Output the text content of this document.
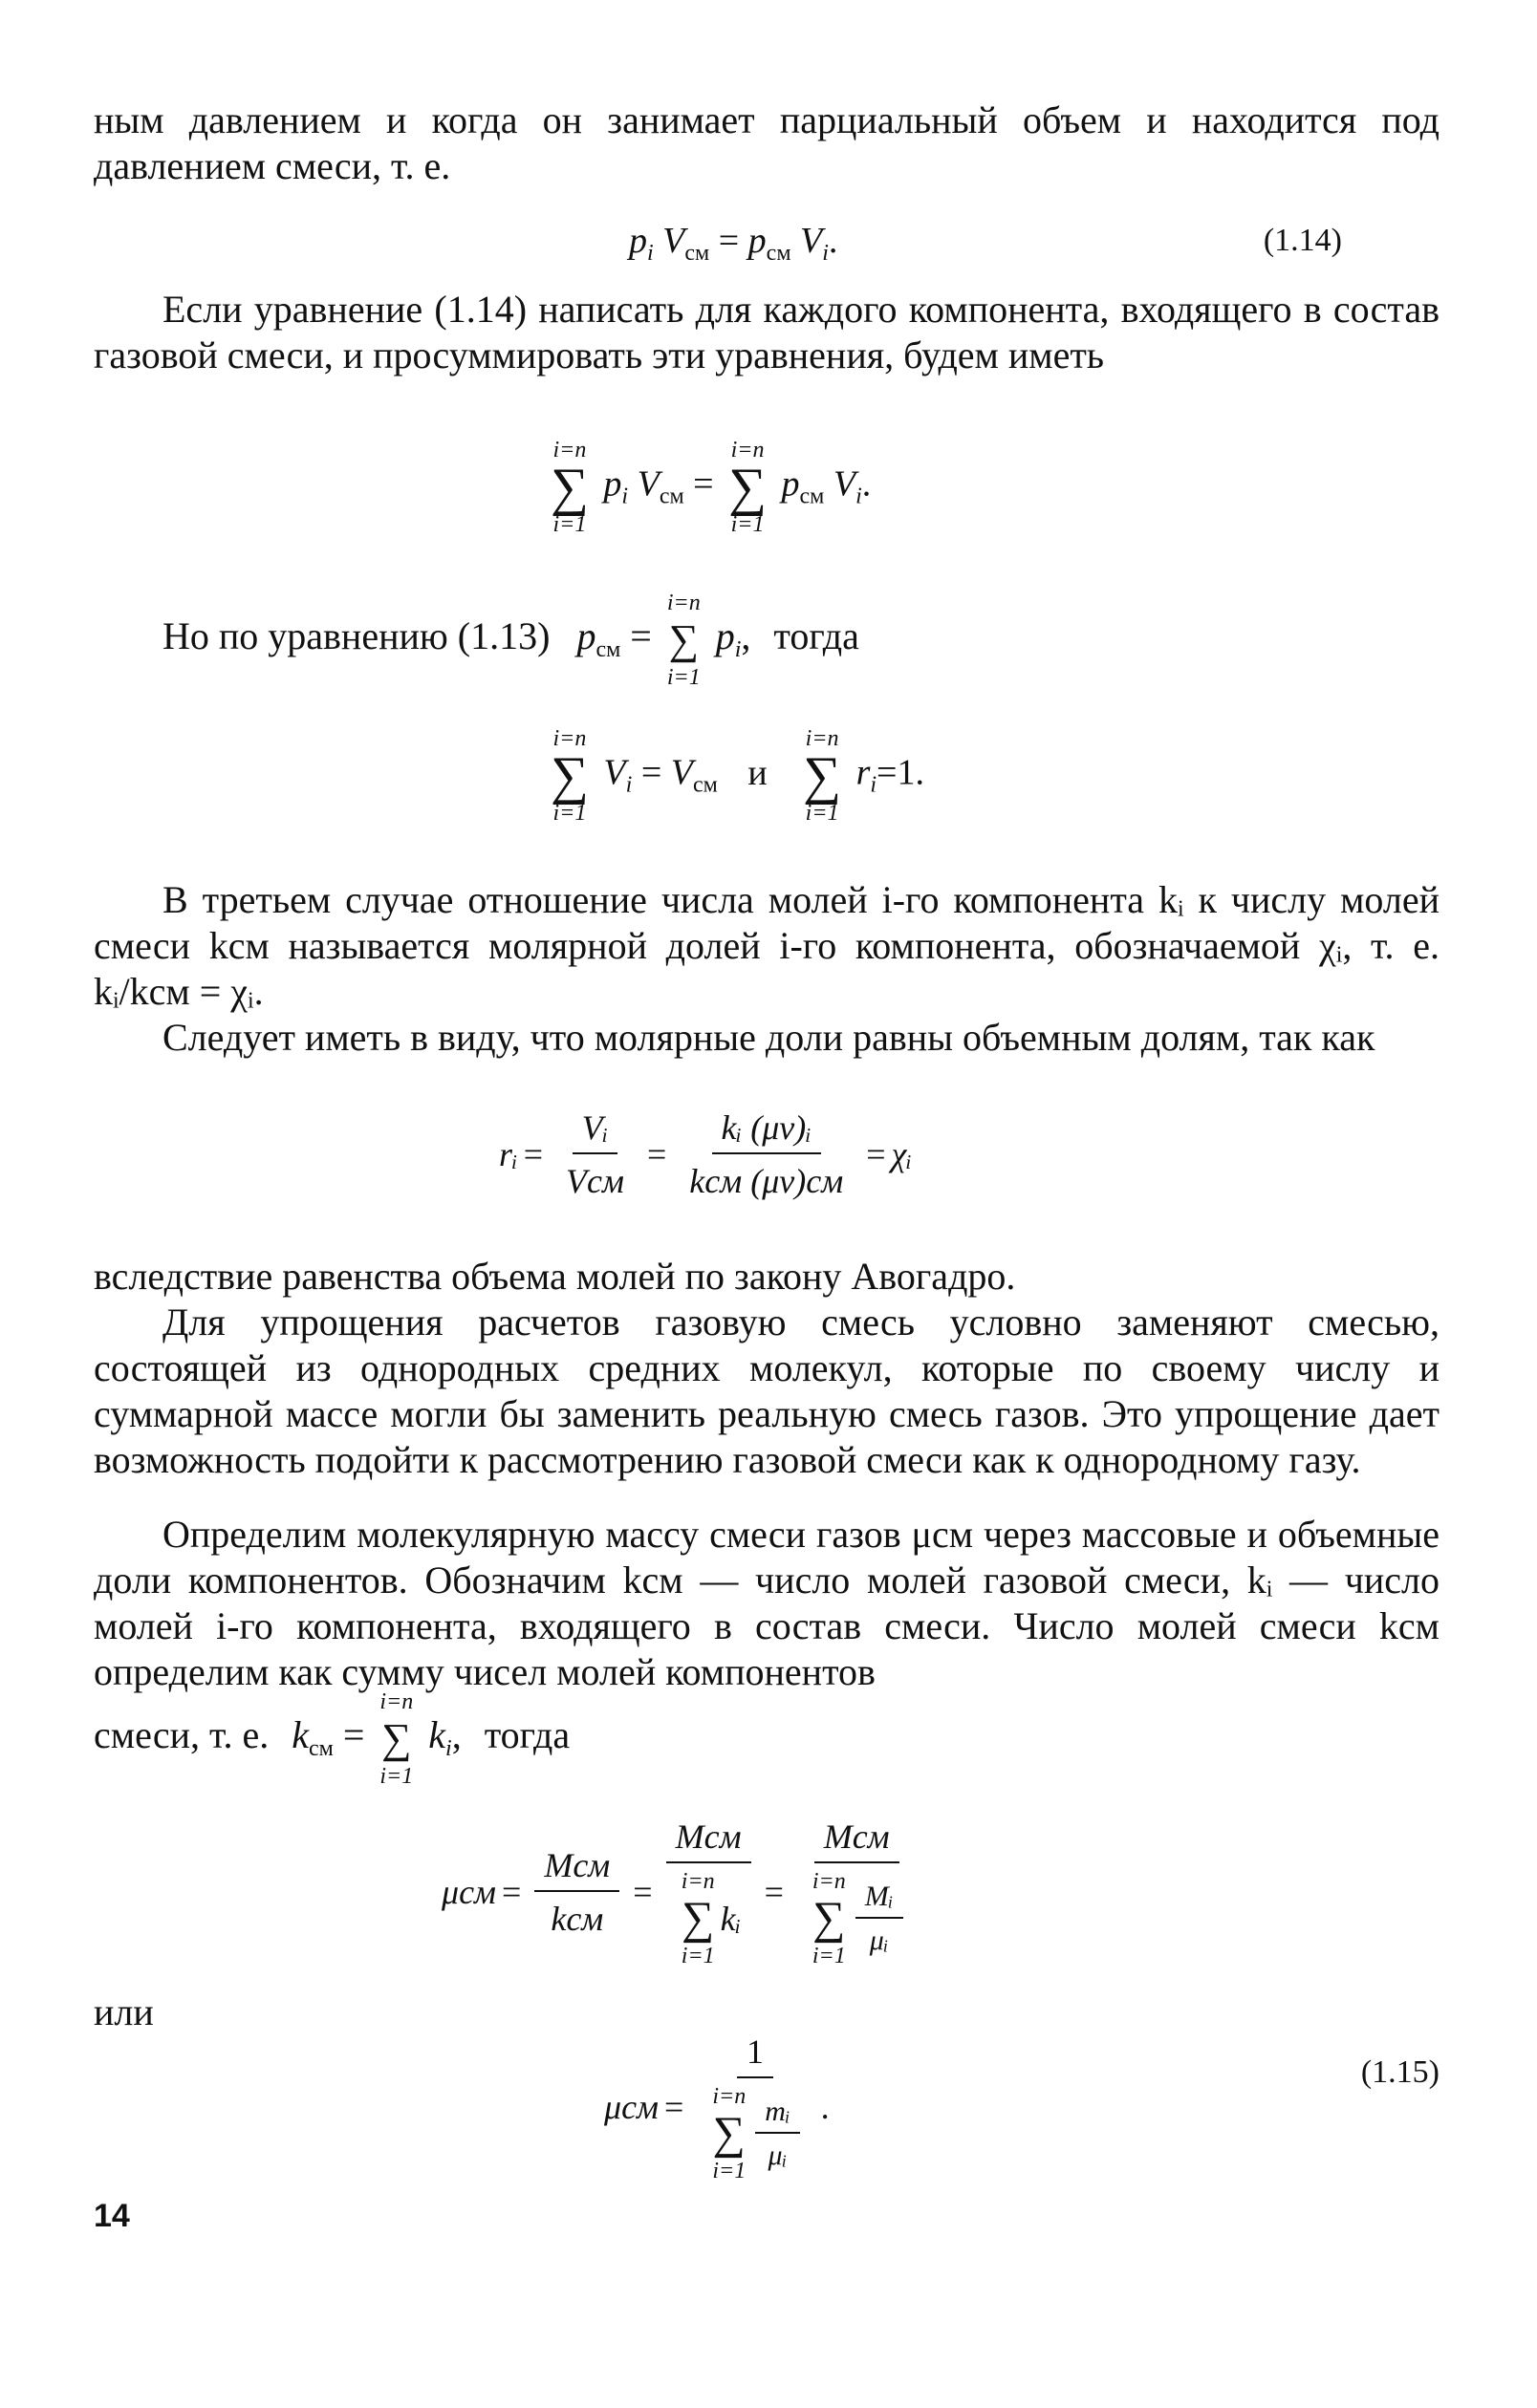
ным давлением и когда он занимает парциальный объем и находится под давлением смеси, т. е.

$p_i$ $V_{см} = p_{см}$ $V_i$.	(1.14)

Если уравнение (1.14) написать для каждого компонента, входящего в состав газовой смеси, и просуммировать эти уравнения, будем иметь

i=n
∑
i=1
$p_i$ $V_{см}$ =
i=n
∑
i=1
$p_{см}$ $V_i$.
Но по уравнению (1.13) $p_{см}$ =
i=n
∑
i=1
$p_i$, тогда
i=n
∑
i=1
$V_i = V_{см}$ и
i=n
∑
i=1
$r_i=1$.

В третьем случае отношение числа молей i-го компонента kᵢ к числу молей смеси kсм называется молярной долей i-го компонента, обозначаемой χᵢ, т. е. kᵢ/kсм = χᵢ.

Следует иметь в виду, что молярные доли равны объемным долям, так как

rᵢ = $\frac{\text{Vᵢ}}{\text{Vсм}} = \frac{\text{kᵢ (μv)ᵢ}}{\text{kсм (μv)см}}$ = χᵢ

вследствие равенства объема молей по закону Авогадро.

Для упрощения расчетов газовую смесь условно заменяют смесью, состоящей из однородных средних молекул, которые по своему числу и суммарной массе могли бы заменить реальную смесь газов. Это упрощение дает возможность подойти к рассмотрению газовой смеси как к однородному газу.

Определим молекулярную массу смеси газов μсм через массовые и объемные доли компонентов. Обозначим kсм — число молей газовой смеси, kᵢ — число молей i-го компонента, входящего в состав смеси. Число молей смеси kсм определим как сумму чисел молей компонентов

смеси, т. е. $k_{см}$ =
i=n
∑
i=1
$k_i$, тогда
$\mu см = \frac{\text{Mсм}}{\text{kсм}}$ = Mсм
i=n
∑
i=1
kᵢ = Mсм
i=n
∑
$i=1 \frac{\text{Mᵢ}}{\text{μᵢ}}$
или
μсм = 1
i=n
∑
$i=1 \frac{\text{mᵢ}}{\text{μᵢ}}$ .
(1.15)
14
